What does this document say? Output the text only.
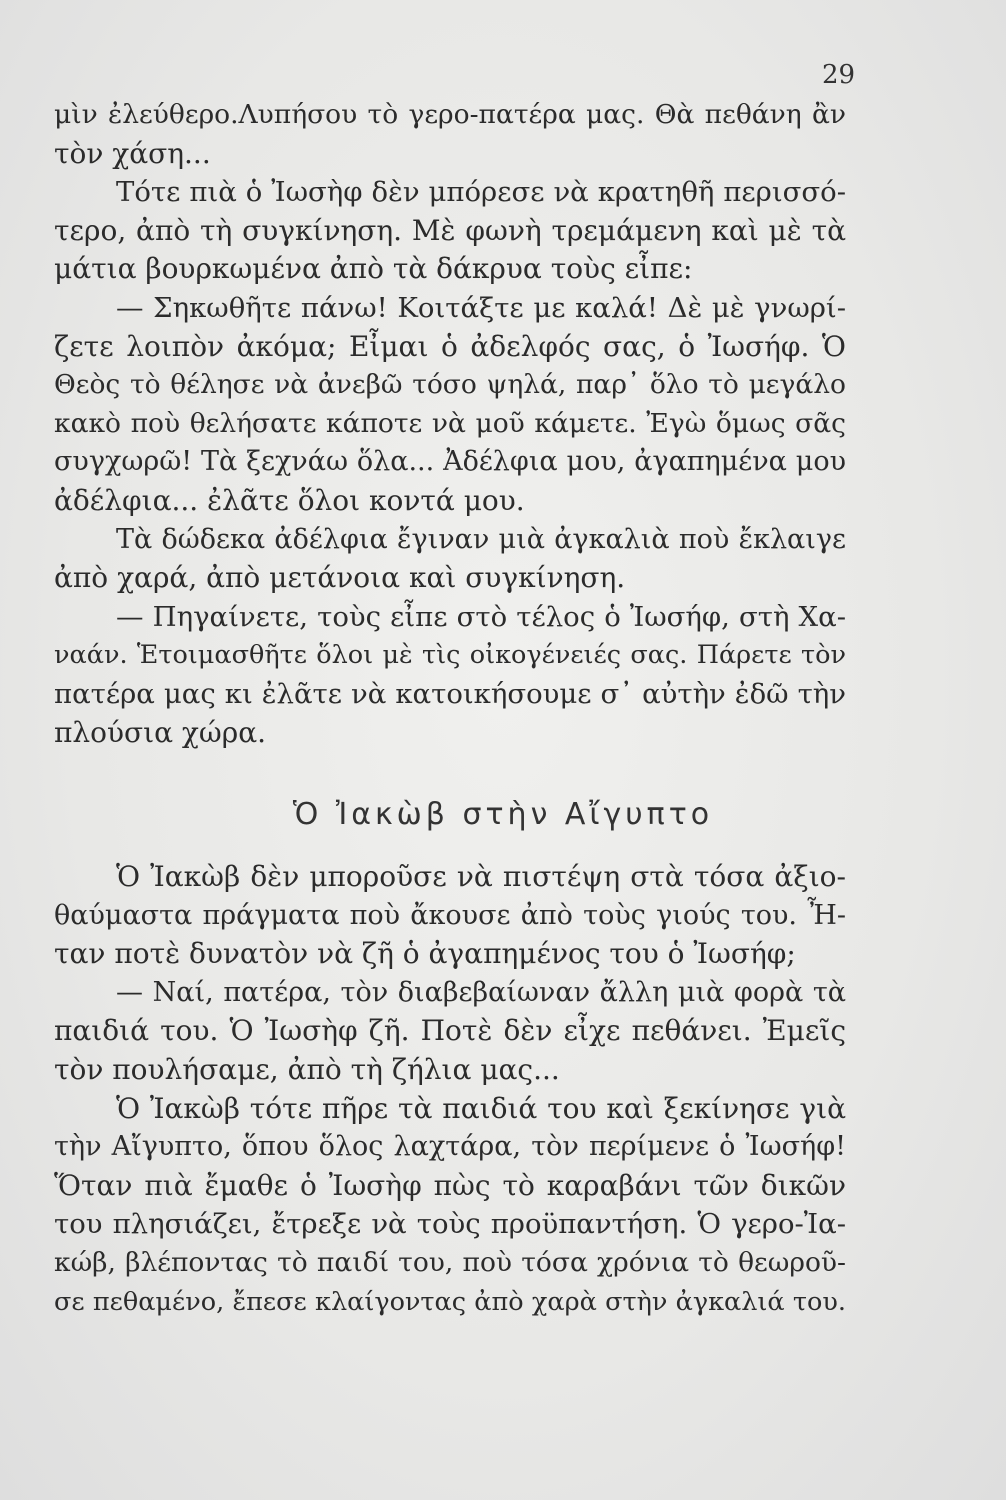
29
μὶν ἐλεύθερο.Λυπήσου τὸ γερο-πατέρα μας. Θὰ πεθάνη ἂν
τὸν χάση...
Τότε πιὰ ὁ Ἰωσὴφ δὲν μπόρεσε νὰ κρατηθῆ περισσό-
τερο, ἀπὸ τὴ συγκίνηση. Μὲ φωνὴ τρεμάμενη καὶ μὲ τὰ
μάτια βουρκωμένα ἀπὸ τὰ δάκρυα τοὺς εἶπε:
— Σηκωθῆτε πάνω! Κοιτάξτε με καλά! Δὲ μὲ γνωρί-
ζετε λοιπὸν ἀκόμα; Εἶμαι ὁ ἀδελφός σας, ὁ Ἰωσήφ. Ὁ
Θεὸς τὸ θέλησε νὰ ἀνεβῶ τόσο ψηλά, παρ᾽ ὅλο τὸ μεγάλο
κακὸ ποὺ θελήσατε κάποτε νὰ μοῦ κάμετε. Ἐγὼ ὅμως σᾶς
συγχωρῶ! Τὰ ξεχνάω ὅλα... Ἀδέλφια μου, ἀγαπημένα μου
ἀδέλφια... ἐλᾶτε ὅλοι κοντά μου.
Τὰ δώδεκα ἀδέλφια ἔγιναν μιὰ ἀγκαλιὰ ποὺ ἔκλαιγε
ἀπὸ χαρά, ἀπὸ μετάνοια καὶ συγκίνηση.
— Πηγαίνετε, τοὺς εἶπε στὸ τέλος ὁ Ἰωσήφ, στὴ Χα-
ναάν. Ἑτοιμασθῆτε ὅλοι μὲ τὶς οἰκογένειές σας. Πάρετε τὸν
πατέρα μας κι ἐλᾶτε νὰ κατοικήσουμε σ᾽ αὐτὴν ἐδῶ τὴν
πλούσια χώρα.
Ὁ Ἰακὼβ στὴν Αἴγυπτο
Ὁ Ἰακὼβ δὲν μποροῦσε νὰ πιστέψη στὰ τόσα ἀξιο-
θαύμαστα πράγματα ποὺ ἄκουσε ἀπὸ τοὺς γιούς του. Ἦ-
ταν ποτὲ δυνατὸν νὰ ζῆ ὁ ἀγαπημένος του ὁ Ἰωσήφ;
— Ναί, πατέρα, τὸν διαβεβαίωναν ἄλλη μιὰ φορὰ τὰ
παιδιά του. Ὁ Ἰωσὴφ ζῆ. Ποτὲ δὲν εἶχε πεθάνει. Ἐμεῖς
τὸν πουλήσαμε, ἀπὸ τὴ ζήλια μας...
Ὁ Ἰακὼβ τότε πῆρε τὰ παιδιά του καὶ ξεκίνησε γιὰ
τὴν Αἴγυπτο, ὅπου ὅλος λαχτάρα, τὸν περίμενε ὁ Ἰωσήφ!
Ὅταν πιὰ ἔμαθε ὁ Ἰωσὴφ πὼς τὸ καραβάνι τῶν δικῶν
του πλησιάζει, ἔτρεξε νὰ τοὺς προϋπαντήση. Ὁ γερο-Ἰα-
κώβ, βλέποντας τὸ παιδί του, ποὺ τόσα χρόνια τὸ θεωροῦ-
σε πεθαμένο, ἔπεσε κλαίγοντας ἀπὸ χαρὰ στὴν ἀγκαλιά του.
